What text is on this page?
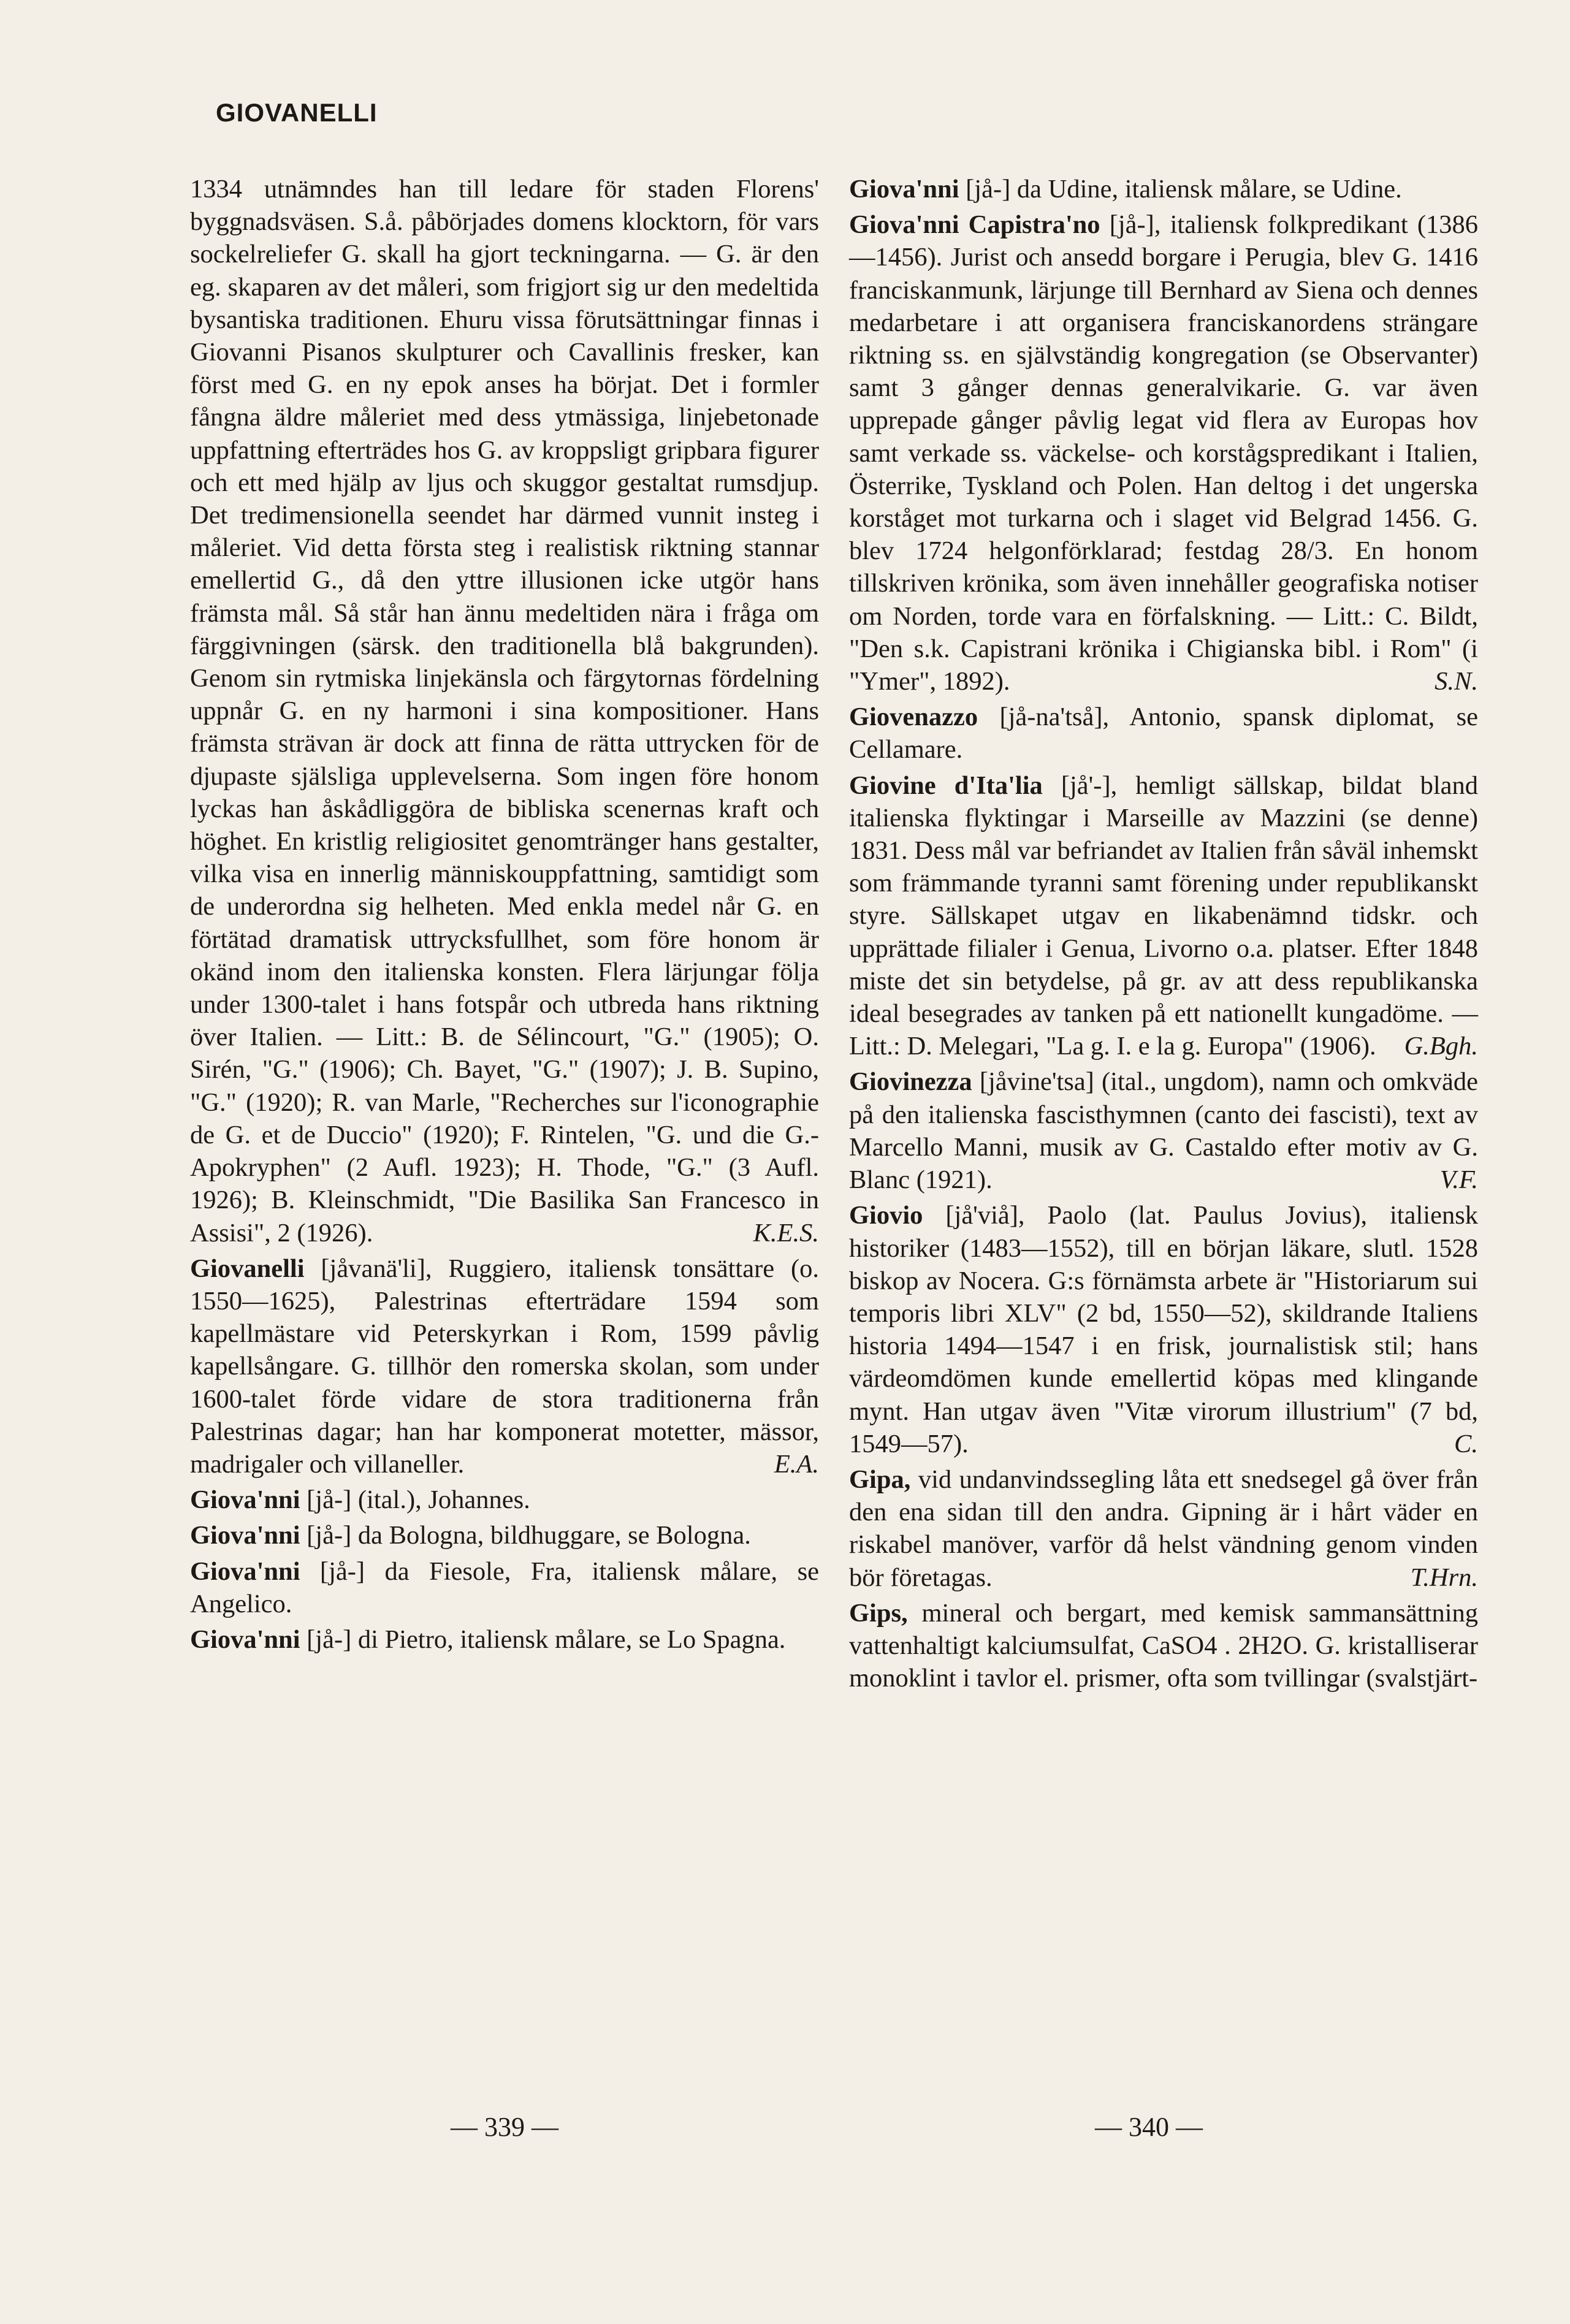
GIOVANELLI

1334 utnämndes han till ledare för staden Florens' byggnadsväsen. S.å. påbörjades domens klocktorn, för vars sockelreliefer G. skall ha gjort teckningarna. — G. är den eg. skaparen av det måleri, som frigjort sig ur den medeltida bysantiska traditionen. Ehuru vissa förutsättningar finnas i Giovanni Pisanos skulpturer och Cavallinis fresker, kan först med G. en ny epok anses ha börjat. Det i formler fångna äldre måleriet med dess ytmässiga, linjebetonade uppfattning efterträdes hos G. av kroppsligt gripbara figurer och ett med hjälp av ljus och skuggor gestaltat rumsdjup. Det tredimensionella seendet har därmed vunnit insteg i måleriet. Vid detta första steg i realistisk riktning stannar emellertid G., då den yttre illusionen icke utgör hans främsta mål. Så står han ännu medeltiden nära i fråga om färggivningen (särsk. den traditionella blå bakgrunden). Genom sin rytmiska linjekänsla och färgytornas fördelning uppnår G. en ny harmoni i sina kompositioner. Hans främsta strävan är dock att finna de rätta uttrycken för de djupaste själsliga upplevelserna. Som ingen före honom lyckas han åskådliggöra de bibliska scenernas kraft och höghet. En kristlig religiositet genomtränger hans gestalter, vilka visa en innerlig människouppfattning, samtidigt som de underordna sig helheten. Med enkla medel når G. en förtätad dramatisk uttrycksfullhet, som före honom är okänd inom den italienska konsten. Flera lärjungar följa under 1300-talet i hans fotspår och utbreda hans riktning över Italien. — Litt.: B. de Sélincourt, "G." (1905); O. Sirén, "G." (1906); Ch. Bayet, "G." (1907); J. B. Supino, "G." (1920); R. van Marle, "Recherches sur l'iconographie de G. et de Duccio" (1920); F. Rintelen, "G. und die G.-Apokryphen" (2 Aufl. 1923); H. Thode, "G." (3 Aufl. 1926); B. Kleinschmidt, "Die Basilika San Francesco in Assisi", 2 (1926).	K.E.S.

Giovanelli [jåvanä'li], Ruggiero, italiensk tonsättare (o. 1550—1625), Palestrinas efterträdare 1594 som kapellmästare vid Peterskyrkan i Rom, 1599 påvlig kapellsångare. G. tillhör den romerska skolan, som under 1600-talet förde vidare de stora traditionerna från Palestrinas dagar; han har komponerat motetter, mässor, madrigaler och villaneller.	E.A.

Giova'nni [jå-] (ital.), Johannes.

Giova'nni [jå-] da Bologna, bildhuggare, se Bologna.

Giova'nni [jå-] da Fiesole, Fra, italiensk målare, se Angelico.

Giova'nni [jå-] di Pietro, italiensk målare, se Lo Spagna.

Giova'nni [jå-] da Udine, italiensk målare, se Udine.

Giova'nni Capistra'no [jå-], italiensk folkpredikant (1386—1456). Jurist och ansedd borgare i Perugia, blev G. 1416 franciskanmunk, lärjunge till Bernhard av Siena och dennes medarbetare i att organisera franciskanordens strängare riktning ss. en självständig kongregation (se Observanter) samt 3 gånger dennas generalvikarie. G. var även upprepade gånger påvlig legat vid flera av Europas hov samt verkade ss. väckelse- och korstågspredikant i Italien, Österrike, Tyskland och Polen. Han deltog i det ungerska korståget mot turkarna och i slaget vid Belgrad 1456. G. blev 1724 helgonförklarad; festdag 28/3. En honom tillskriven krönika, som även innehåller geografiska notiser om Norden, torde vara en förfalskning. — Litt.: C. Bildt, "Den s.k. Capistrani krönika i Chigianska bibl. i Rom" (i "Ymer", 1892).	S.N.

Giovenazzo [jå-na'tså], Antonio, spansk diplomat, se Cellamare.

Giovine d'Ita'lia [jå'-], hemligt sällskap, bildat bland italienska flyktingar i Marseille av Mazzini (se denne) 1831. Dess mål var befriandet av Italien från såväl inhemskt som främmande tyranni samt förening under republikanskt styre. Sällskapet utgav en likabenämnd tidskr. och upprättade filialer i Genua, Livorno o.a. platser. Efter 1848 miste det sin betydelse, på gr. av att dess republikanska ideal besegrades av tanken på ett nationellt kungadöme. — Litt.: D. Melegari, "La g. I. e la g. Europa" (1906). G.Bgh.

Giovinezza [jåvine'tsa] (ital., ungdom), namn och omkväde på den italienska fascisthymnen (canto dei fascisti), text av Marcello Manni, musik av G. Castaldo efter motiv av G. Blanc (1921).	V.F.

Giovio [jå'viå], Paolo (lat. Paulus Jovius), italiensk historiker (1483—1552), till en början läkare, slutl. 1528 biskop av Nocera. G:s förnämsta arbete är "Historiarum sui temporis libri XLV" (2 bd, 1550—52), skildrande Italiens historia 1494—1547 i en frisk, journalistisk stil; hans värdeomdömen kunde emellertid köpas med klingande mynt. Han utgav även "Vitæ virorum illustrium" (7 bd, 1549—57).	C.

Gipa, vid undanvindssegling låta ett snedsegel gå över från den ena sidan till den andra. Gipning är i hårt väder en riskabel manöver, varför då helst vändning genom vinden bör företagas.	T.Hrn.

Gips, mineral och bergart, med kemisk sammansättning vattenhaltigt kalciumsulfat, CaSO4 . 2H2O. G. kristalliserar monoklint i tavlor el. prismer, ofta som tvillingar (svalstjärt-

— 339 —	— 340 —
